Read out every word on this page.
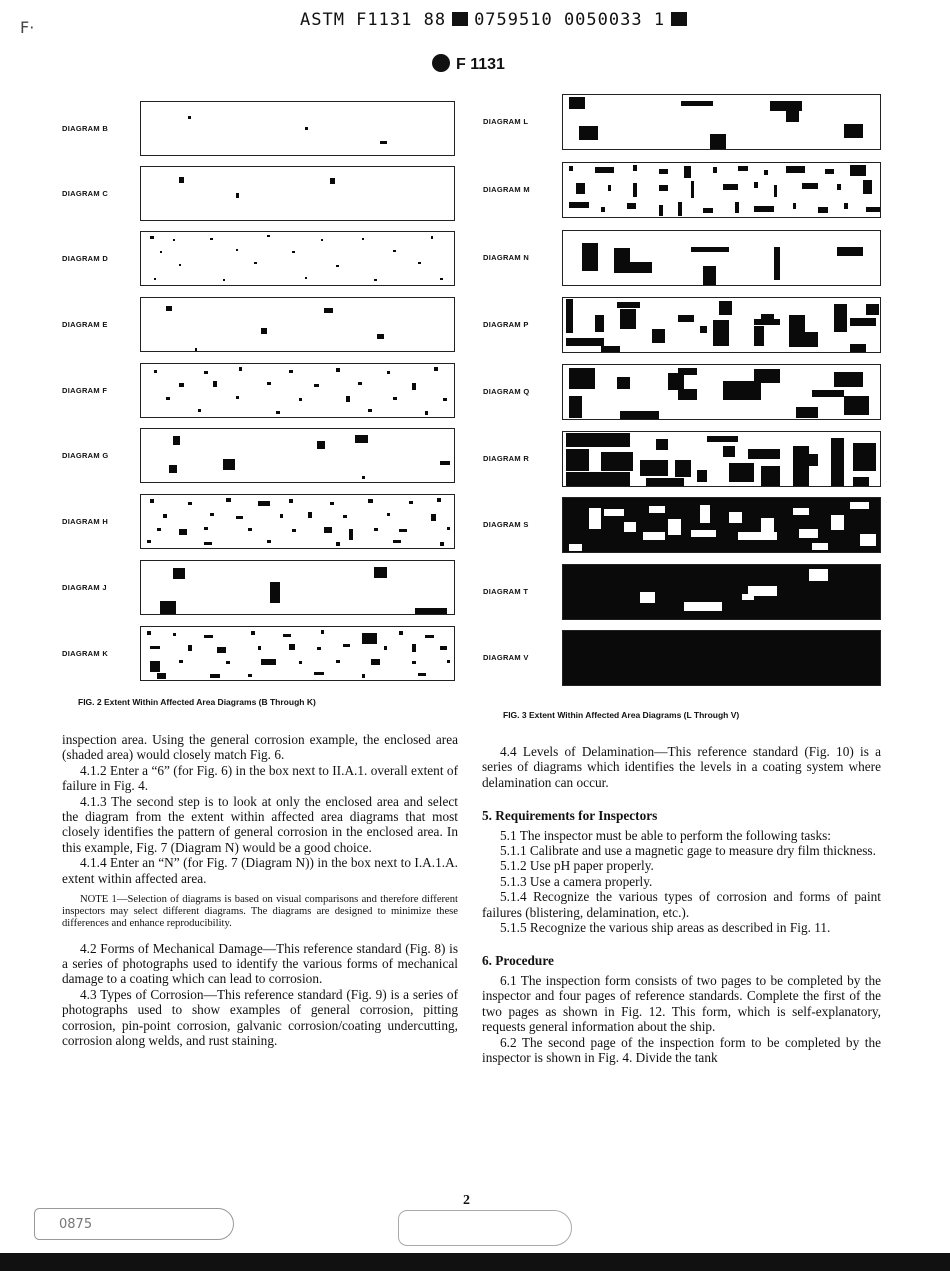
F·	ASTM F1131 88 0759510 0050033 1
F 1131
DIAGRAM B
DIAGRAM C
DIAGRAM D
DIAGRAM E
DIAGRAM F
DIAGRAM G
DIAGRAM H
DIAGRAM J
DIAGRAM K
DIAGRAM L
DIAGRAM M
DIAGRAM N
DIAGRAM P
DIAGRAM Q
DIAGRAM R
DIAGRAM S
DIAGRAM T
DIAGRAM V
FIG. 2 Extent Within Affected Area Diagrams (B Through K)
FIG. 3 Extent Within Affected Area Diagrams (L Through V)

inspection area. Using the general corrosion example, the enclosed area (shaded area) would closely match Fig. 6.

4.1.2 Enter a “6” (for Fig. 6) in the box next to II.A.1. overall extent of failure in Fig. 4.

4.1.3 The second step is to look at only the enclosed area and select the diagram from the extent within affected area diagrams that most closely identifies the pattern of general corrosion in the enclosed area. In this example, Fig. 7 (Diagram N) would be a good choice.

4.1.4 Enter an “N” (for Fig. 7 (Diagram N)) in the box next to I.A.1.A. extent within affected area.

NOTE 1—Selection of diagrams is based on visual comparisons and therefore different inspectors may select different diagrams. The diagrams are designed to minimize these differences and enhance reproducibility.

4.2 Forms of Mechanical Damage—This reference standard (Fig. 8) is a series of photographs used to identify the various forms of mechanical damage to a coating which can lead to corrosion.

4.3 Types of Corrosion—This reference standard (Fig. 9) is a series of photographs used to show examples of general corrosion, pitting corrosion, pin-point corrosion, galvanic corrosion/coating undercutting, corrosion along welds, and rust staining.

4.4 Levels of Delamination—This reference standard (Fig. 10) is a series of diagrams which identifies the levels in a coating system where delamination can occur.

5. Requirements for Inspectors

5.1 The inspector must be able to perform the following tasks:

5.1.1 Calibrate and use a magnetic gage to measure dry film thickness.

5.1.2 Use pH paper properly.

5.1.3 Use a camera properly.

5.1.4 Recognize the various types of corrosion and forms of paint failures (blistering, delamination, etc.).

5.1.5 Recognize the various ship areas as described in Fig. 11.

6. Procedure

6.1 The inspection form consists of two pages to be completed by the inspector and four pages of reference standards. Complete the first of the two pages as shown in Fig. 12. This form, which is self-explanatory, requests general information about the ship.

6.2 The second page of the inspection form to be completed by the inspector is shown in Fig. 4. Divide the tank

2
0875
